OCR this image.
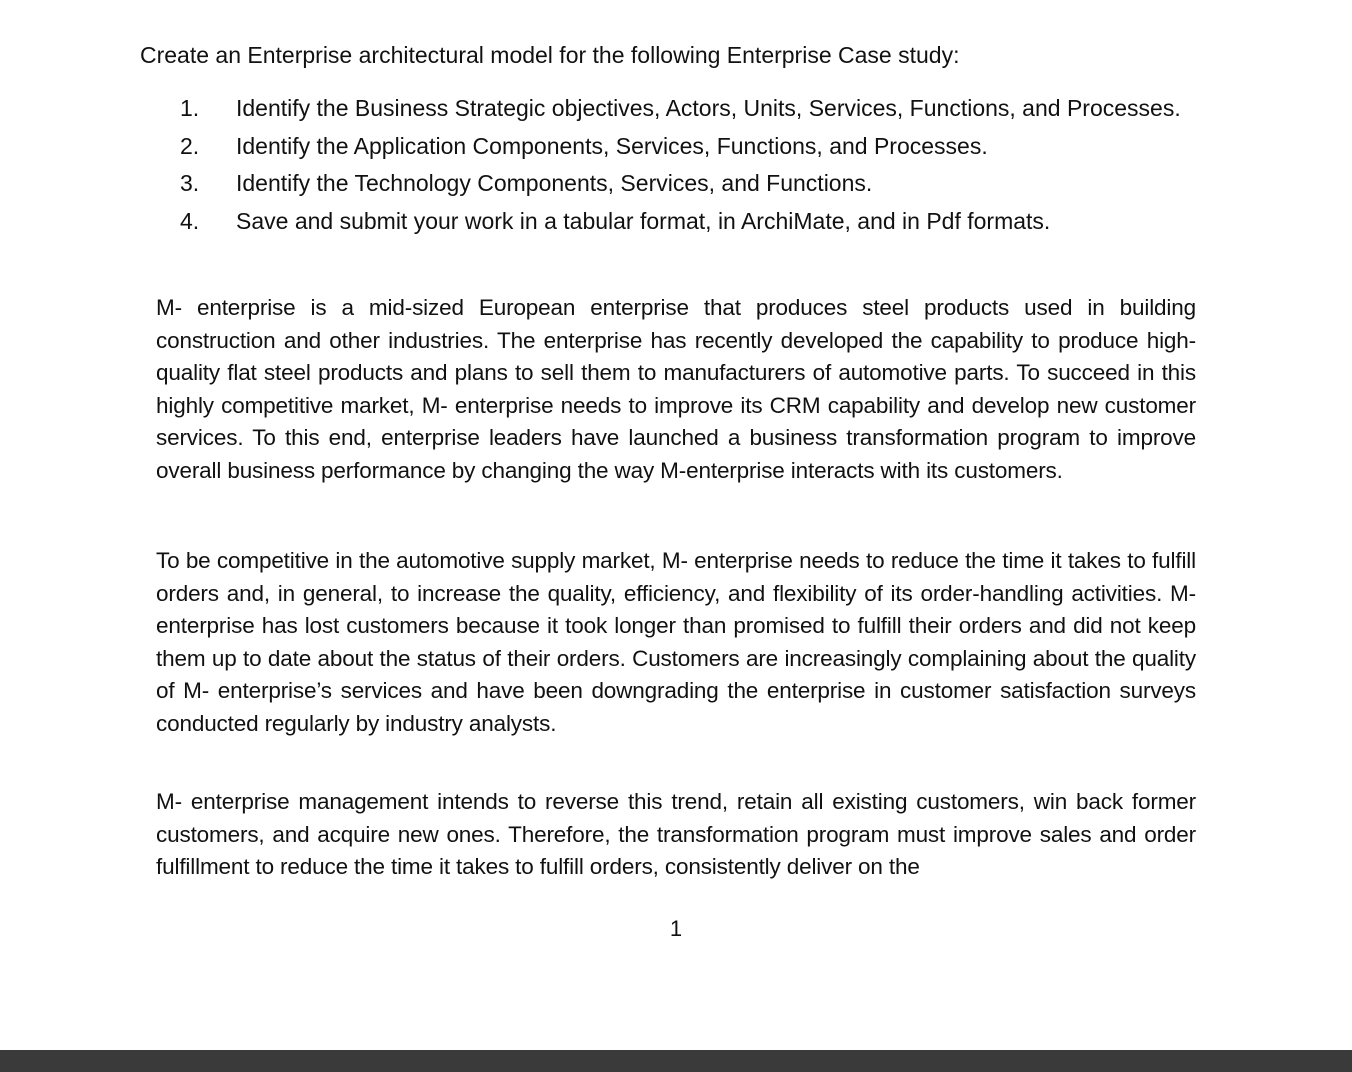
Create an Enterprise architectural model for the following Enterprise Case study:
1.	Identify the Business Strategic objectives, Actors, Units, Services, Functions, and Processes.
2.	Identify the Application Components, Services, Functions, and Processes.
3.	Identify the Technology Components, Services, and Functions.
4.	Save and submit your work in a tabular format, in ArchiMate, and in Pdf formats.

M- enterprise is a mid-sized European enterprise that produces steel products used in building construction and other industries. The enterprise has recently developed the capability to produce high-quality flat steel products and plans to sell them to manufacturers of automotive parts. To succeed in this highly competitive market, M- enterprise needs to improve its CRM capability and develop new customer services. To this end, enterprise leaders have launched a business transformation program to improve overall business performance by changing the way M-enterprise interacts with its customers.

To be competitive in the automotive supply market, M- enterprise needs to reduce the time it takes to fulfill orders and, in general, to increase the quality, efficiency, and flexibility of its order-handling activities. M- enterprise has lost customers because it took longer than promised to fulfill their orders and did not keep them up to date about the status of their orders. Customers are increasingly complaining about the quality of M- enterprise’s services and have been downgrading the enterprise in customer satisfaction surveys conducted regularly by industry analysts.

M- enterprise management intends to reverse this trend, retain all existing customers, win back former customers, and acquire new ones. Therefore, the transformation program must improve sales and order fulfillment to reduce the time it takes to fulfill orders, consistently deliver on the

1
